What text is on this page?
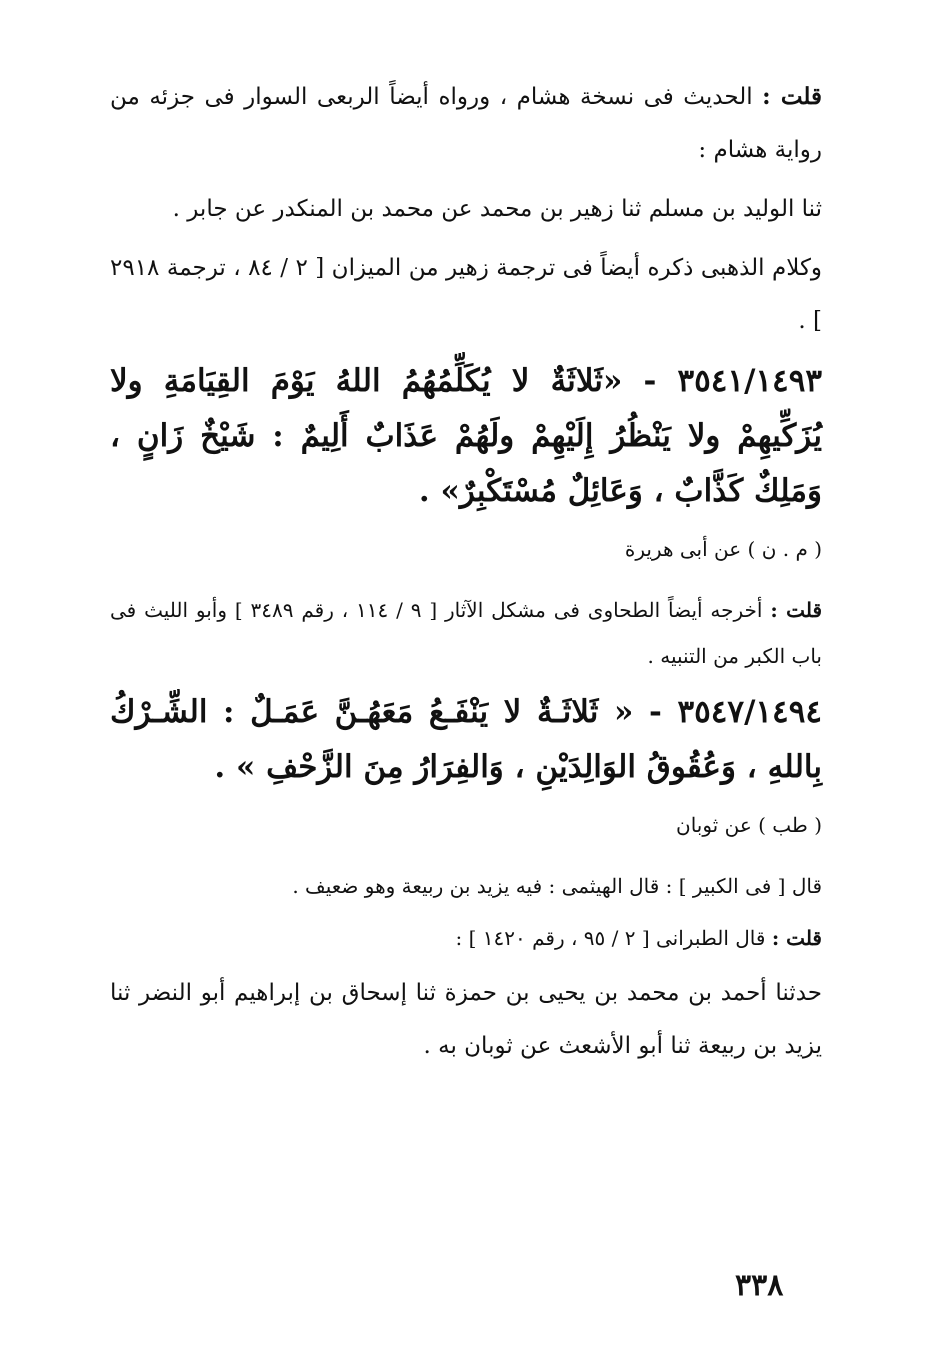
قلت : الحديث فى نسخة هشام ، ورواه أيضاً الربعى السوار فى جزئه من رواية هشام :

ثنا الوليد بن مسلم ثنا زهير بن محمد عن محمد بن المنكدر عن جابر .

وكلام الذهبى ذكره أيضاً فى ترجمة زهير من الميزان [ ٢ / ٨٤ ، ترجمة ٢٩١٨ ] .

٣٥٤١/١٤٩٣ - «ثَلاثَةٌ لا يُكَلِّمُهُمُ اللهُ يَوْمَ القِيَامَةِ ولا يُزَكِّيهِمْ ولا يَنْظُرُ إِلَيْهِمْ ولَهُمْ عَذَابٌ أَلِيمٌ : شَيْخٌ زَانٍ ، وَمَلِكٌ كَذَّابٌ ، وَعَائِلٌ مُسْتَكْبِرٌ» .

( م . ن ) عن أبى هريرة

قلت : أخرجه أيضاً الطحاوى فى مشكل الآثار [ ٩ / ١١٤ ، رقم ٣٤٨٩ ] وأبو الليث فى باب الكبر من التنبيه .

٣٥٤٧/١٤٩٤ - « ثَلاثَـةٌ لا يَنْفَـعُ مَعَهُـنَّ عَمَـلٌ : الشِّـرْكُ بِاللهِ ، وَعُقُوقُ الوَالِدَيْنِ ، وَالفِرَارُ مِنَ الزَّحْفِ » .

( طب ) عن ثوبان

قال [ فى الكبير ] : قال الهيثمى : فيه يزيد بن ربيعة وهو ضعيف .

قلت : قال الطبرانى [ ٢ / ٩٥ ، رقم ١٤٢٠ ] :

حدثنا أحمد بن محمد بن يحيى بن حمزة ثنا إسحاق بن إبراهيم أبو النضر ثنا يزيد بن ربيعة ثنا أبو الأشعث عن ثوبان به .

٣٣٨
